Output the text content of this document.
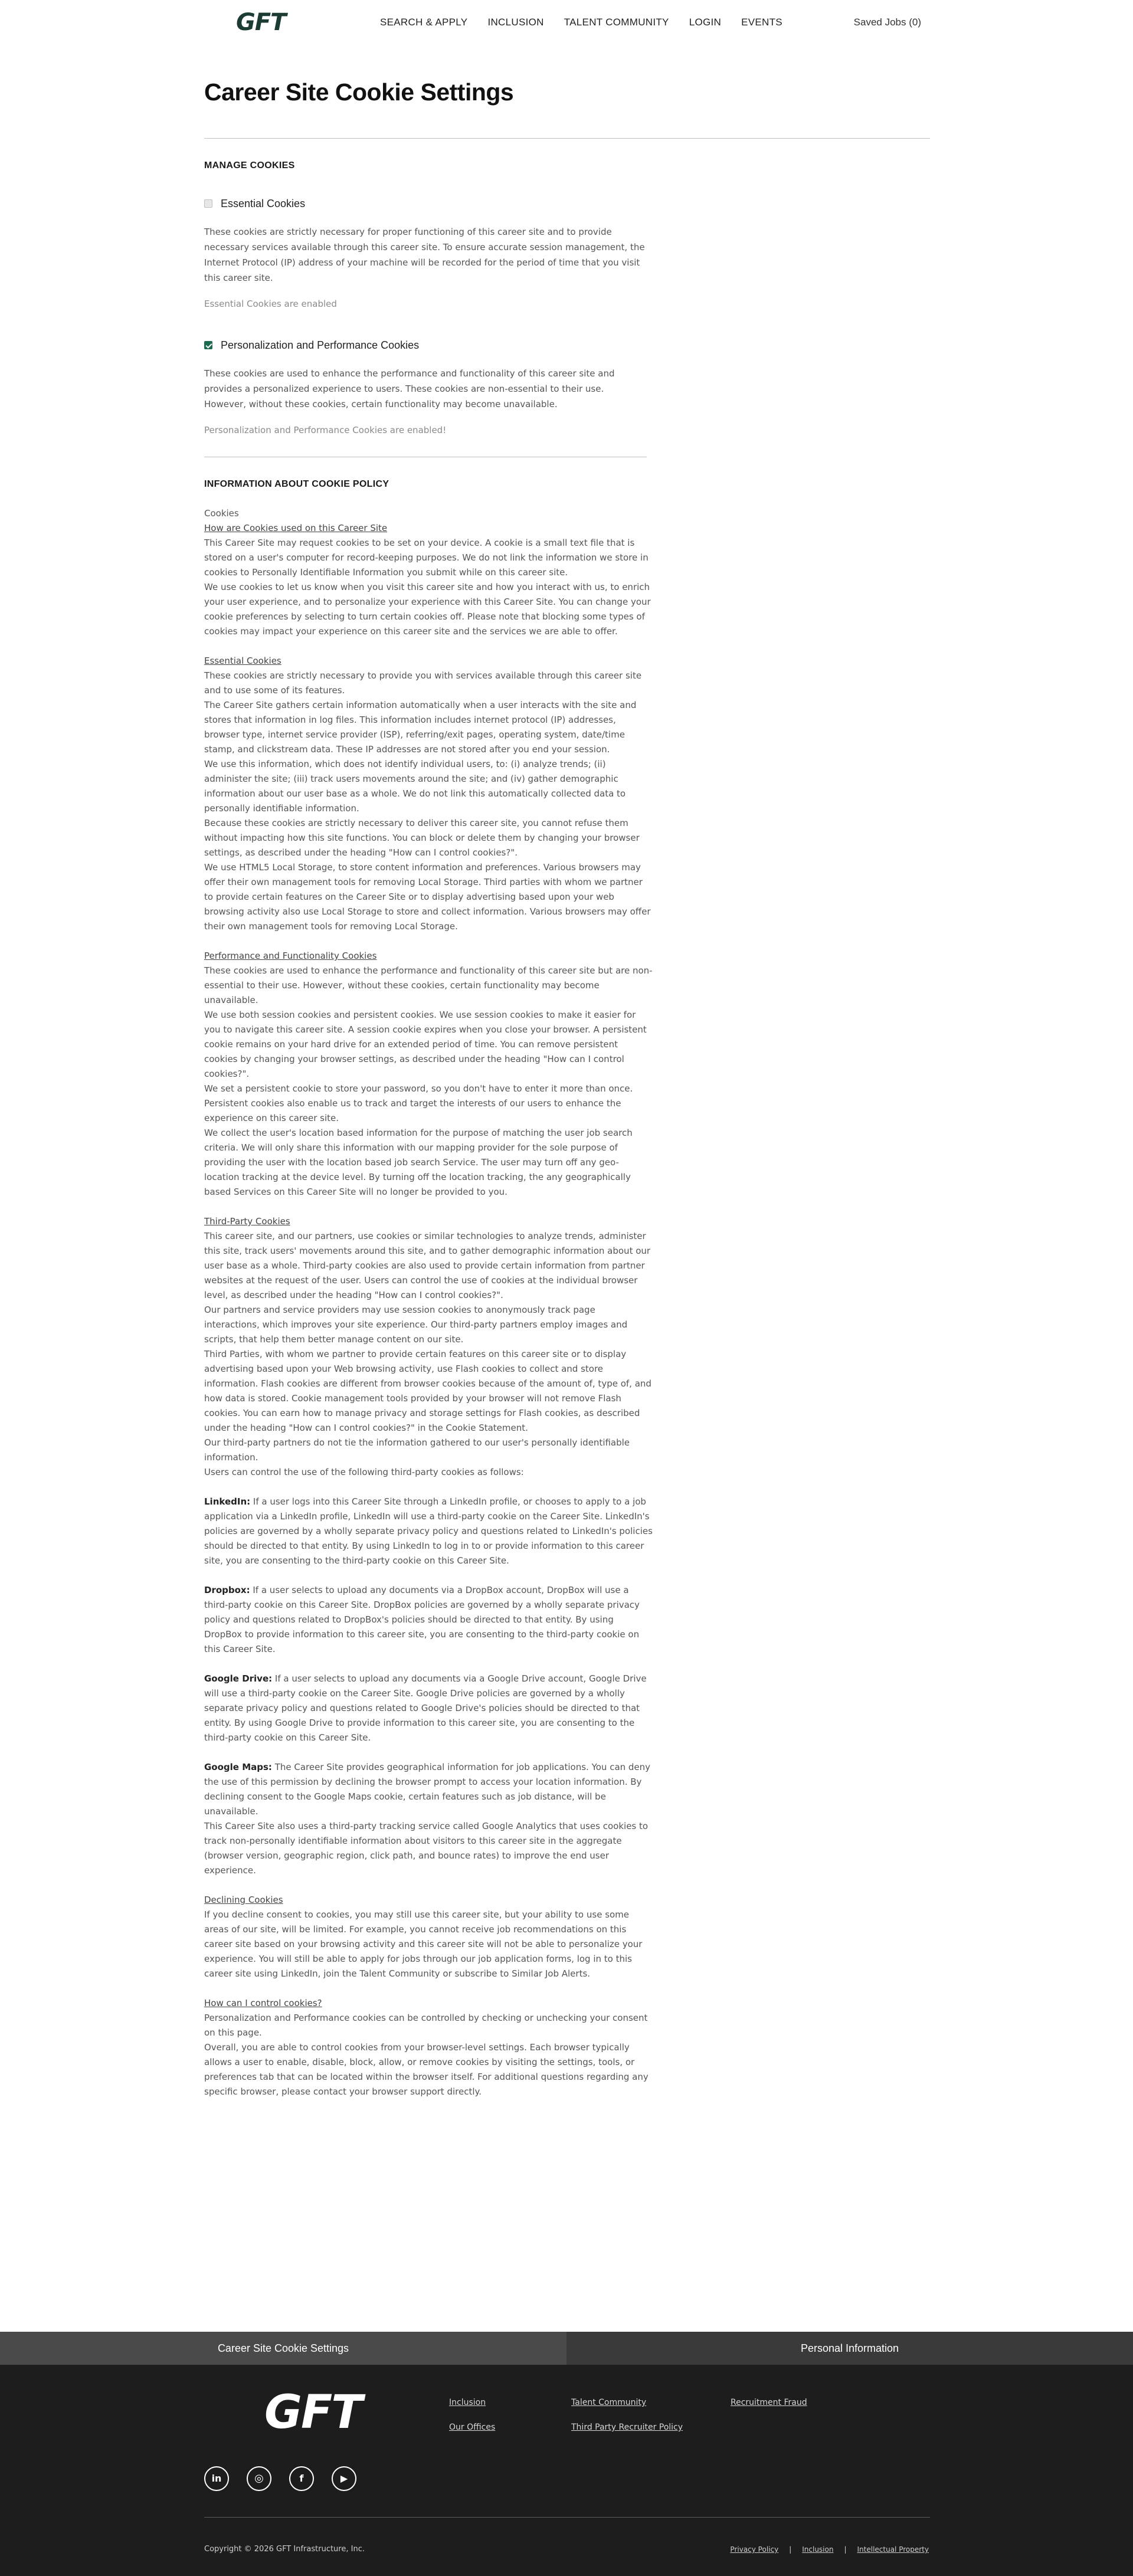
GFT	SEARCH & APPLY INCLUSION TALENT COMMUNITY LOGIN EVENTS	Saved Jobs (0)
Career Site Cookie Settings
MANAGE COOKIES
Essential Cookies
These cookies are strictly necessary for proper functioning of this career site and to provide necessary services available through this career site. To ensure accurate session management, the Internet Protocol (IP) address of your machine will be recorded for the period of time that you visit this career site.
Essential Cookies are enabled
Personalization and Performance Cookies
These cookies are used to enhance the performance and functionality of this career site and provides a personalized experience to users. These cookies are non-essential to their use. However, without these cookies, certain functionality may become unavailable.
Personalization and Performance Cookies are enabled!
INFORMATION ABOUT COOKIE POLICY

Cookies

How are Cookies used on this Career Site

This Career Site may request cookies to be set on your device. A cookie is a small text file that is stored on a user's computer for record-keeping purposes. We do not link the information we store in cookies to Personally Identifiable Information you submit while on this career site.

We use cookies to let us know when you visit this career site and how you interact with us, to enrich your user experience, and to personalize your experience with this Career Site. You can change your cookie preferences by selecting to turn certain cookies off. Please note that blocking some types of cookies may impact your experience on this career site and the services we are able to offer.

Essential Cookies

These cookies are strictly necessary to provide you with services available through this career site and to use some of its features.

The Career Site gathers certain information automatically when a user interacts with the site and stores that information in log files. This information includes internet protocol (IP) addresses, browser type, internet service provider (ISP), referring/exit pages, operating system, date/time stamp, and clickstream data. These IP addresses are not stored after you end your session.

We use this information, which does not identify individual users, to: (i) analyze trends; (ii) administer the site; (iii) track users movements around the site; and (iv) gather demographic information about our user base as a whole. We do not link this automatically collected data to personally identifiable information.

Because these cookies are strictly necessary to deliver this career site, you cannot refuse them without impacting how this site functions. You can block or delete them by changing your browser settings, as described under the heading "How can I control cookies?".

We use HTML5 Local Storage, to store content information and preferences. Various browsers may offer their own management tools for removing Local Storage. Third parties with whom we partner to provide certain features on the Career Site or to display advertising based upon your web browsing activity also use Local Storage to store and collect information. Various browsers may offer their own management tools for removing Local Storage.

Performance and Functionality Cookies

These cookies are used to enhance the performance and functionality of this career site but are non-essential to their use. However, without these cookies, certain functionality may become unavailable.

We use both session cookies and persistent cookies. We use session cookies to make it easier for you to navigate this career site. A session cookie expires when you close your browser. A persistent cookie remains on your hard drive for an extended period of time. You can remove persistent cookies by changing your browser settings, as described under the heading "How can I control cookies?".

We set a persistent cookie to store your password, so you don't have to enter it more than once. Persistent cookies also enable us to track and target the interests of our users to enhance the experience on this career site.

We collect the user's location based information for the purpose of matching the user job search criteria. We will only share this information with our mapping provider for the sole purpose of providing the user with the location based job search Service. The user may turn off any geo-location tracking at the device level. By turning off the location tracking, the any geographically based Services on this Career Site will no longer be provided to you.

Third-Party Cookies

This career site, and our partners, use cookies or similar technologies to analyze trends, administer this site, track users' movements around this site, and to gather demographic information about our user base as a whole. Third-party cookies are also used to provide certain information from partner websites at the request of the user. Users can control the use of cookies at the individual browser level, as described under the heading "How can I control cookies?".

Our partners and service providers may use session cookies to anonymously track page interactions, which improves your site experience. Our third-party partners employ images and scripts, that help them better manage content on our site.

Third Parties, with whom we partner to provide certain features on this career site or to display advertising based upon your Web browsing activity, use Flash cookies to collect and store information. Flash cookies are different from browser cookies because of the amount of, type of, and how data is stored. Cookie management tools provided by your browser will not remove Flash cookies. You can earn how to manage privacy and storage settings for Flash cookies, as described under the heading "How can I control cookies?" in the Cookie Statement.

Our third-party partners do not tie the information gathered to our user's personally identifiable information.

Users can control the use of the following third-party cookies as follows:

LinkedIn: If a user logs into this Career Site through a LinkedIn profile, or chooses to apply to a job application via a LinkedIn profile, LinkedIn will use a third-party cookie on the Career Site. LinkedIn's policies are governed by a wholly separate privacy policy and questions related to LinkedIn's policies should be directed to that entity. By using LinkedIn to log in to or provide information to this career site, you are consenting to the third-party cookie on this Career Site.

Dropbox: If a user selects to upload any documents via a DropBox account, DropBox will use a third-party cookie on this Career Site. DropBox policies are governed by a wholly separate privacy policy and questions related to DropBox's policies should be directed to that entity. By using DropBox to provide information to this career site, you are consenting to the third-party cookie on this Career Site.

Google Drive: If a user selects to upload any documents via a Google Drive account, Google Drive will use a third-party cookie on the Career Site. Google Drive policies are governed by a wholly separate privacy policy and questions related to Google Drive's policies should be directed to that entity. By using Google Drive to provide information to this career site, you are consenting to the third-party cookie on this Career Site.

Google Maps: The Career Site provides geographical information for job applications. You can deny the use of this permission by declining the browser prompt to access your location information. By declining consent to the Google Maps cookie, certain features such as job distance, will be unavailable.

This Career Site also uses a third-party tracking service called Google Analytics that uses cookies to track non-personally identifiable information about visitors to this career site in the aggregate (browser version, geographic region, click path, and bounce rates) to improve the end user experience.

Declining Cookies

If you decline consent to cookies, you may still use this career site, but your ability to use some areas of our site, will be limited. For example, you cannot receive job recommendations on this career site based on your browsing activity and this career site will not be able to personalize your experience. You will still be able to apply for jobs through our job application forms, log in to this career site using LinkedIn, join the Talent Community or subscribe to Similar Job Alerts.

How can I control cookies?

Personalization and Performance cookies can be controlled by checking or unchecking your consent on this page.

Overall, you are able to control cookies from your browser-level settings. Each browser typically allows a user to enable, disable, block, allow, or remove cookies by visiting the settings, tools, or preferences tab that can be located within the browser itself. For additional questions regarding any specific browser, please contact your browser support directly.

Career Site Cookie Settings	Personal Information
GFT	Inclusion
Our Offices
Talent Community
Third Party Recruiter Policy
Recruitment Fraud
in	◎	f	▶
Copyright © 2026 GFT Infrastructure, Inc.	Privacy Policy | Inclusion | Intellectual Property
